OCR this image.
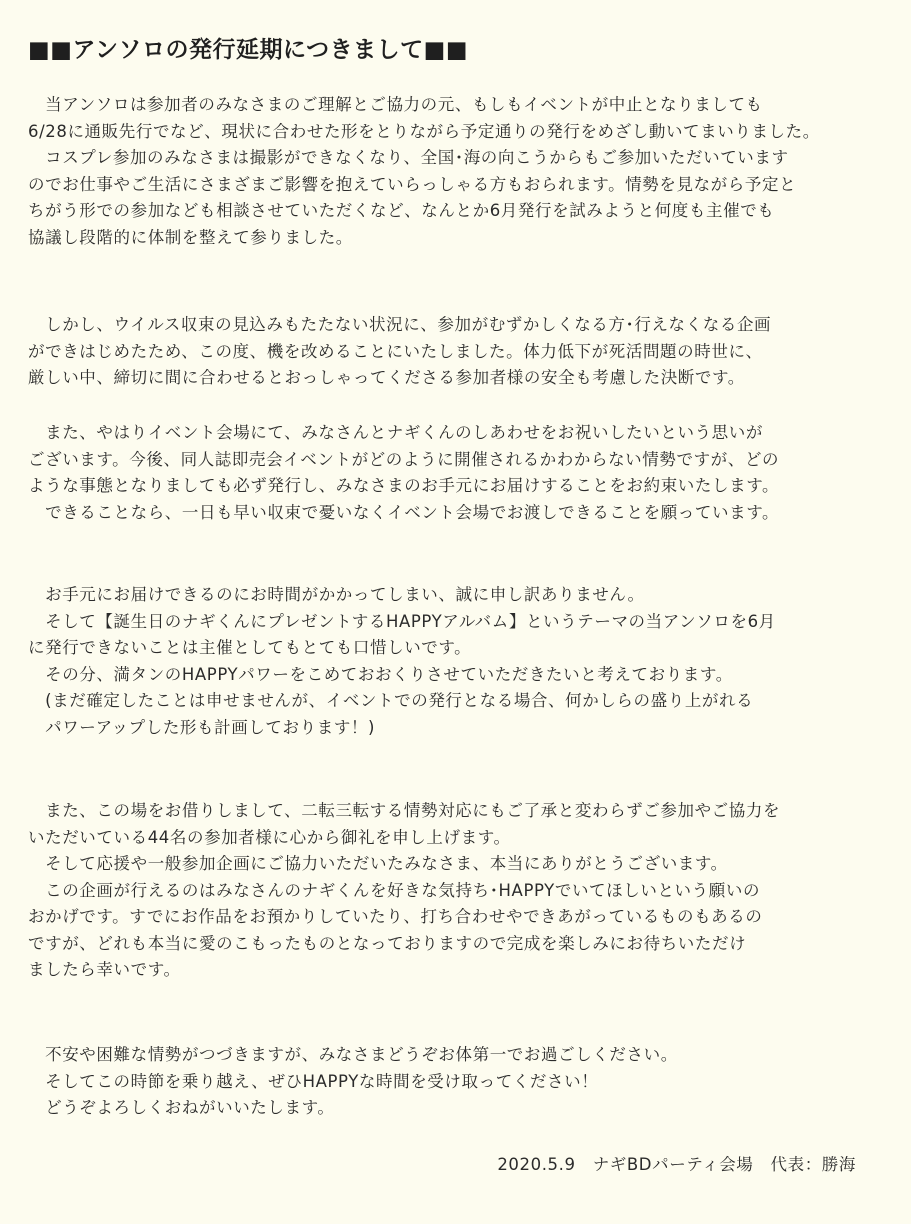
■■アンソロの発行延期につきまして■■
　当アンソロは参加者のみなさまのご理解とご協力の元、もしもイベントが中止となりましても
6/28に通販先行でなど、現状に合わせた形をとりながら予定通りの発行をめざし動いてまいりました。
　コスプレ参加のみなさまは撮影ができなくなり、全国･海の向こうからもご参加いただいています
のでお仕事やご生活にさまざまご影響を抱えていらっしゃる方もおられます。情勢を見ながら予定と
ちがう形での参加なども相談させていただくなど、なんとか6月発行を試みようと何度も主催でも
協議し段階的に体制を整えて参りました。
　しかし、ウイルス収束の見込みもたたない状況に、参加がむずかしくなる方･行えなくなる企画
ができはじめたため、この度、機を改めることにいたしました。体力低下が死活問題の時世に、
厳しい中、締切に間に合わせるとおっしゃってくださる参加者様の安全も考慮した決断です。
　また、やはりイベント会場にて、みなさんとナギくんのしあわせをお祝いしたいという思いが
ございます。今後、同人誌即売会イベントがどのように開催されるかわからない情勢ですが、どの
ような事態となりましても必ず発行し、みなさまのお手元にお届けすることをお約束いたします。
　できることなら、一日も早い収束で憂いなくイベント会場でお渡しできることを願っています。
　お手元にお届けできるのにお時間がかかってしまい、誠に申し訳ありません。
　そして【誕生日のナギくんにプレゼントするHAPPYアルバム】というテーマの当アンソロを6月
に発行できないことは主催としてもとても口惜しいです。
　その分、満タンのHAPPYパワーをこめておおくりさせていただきたいと考えております。
　(まだ確定したことは申せませんが、イベントでの発行となる場合、何かしらの盛り上がれる
　パワーアップした形も計画しております！)
　また、この場をお借りしまして、二転三転する情勢対応にもご了承と変わらずご参加やご協力を
いただいている44名の参加者様に心から御礼を申し上げます。
　そして応援や一般参加企画にご協力いただいたみなさま、本当にありがとうございます。
　この企画が行えるのはみなさんのナギくんを好きな気持ち･HAPPYでいてほしいという願いの
おかげです。すでにお作品をお預かりしていたり、打ち合わせやできあがっているものもあるの
ですが、どれも本当に愛のこもったものとなっておりますので完成を楽しみにお待ちいただけ
ましたら幸いです。
　不安や困難な情勢がつづきますが、みなさまどうぞお体第一でお過ごしください。
　そしてこの時節を乗り越え、ぜひHAPPYな時間を受け取ってください！
　どうぞよろしくおねがいいたします。
2020.5.9　ナギBDパーティ会場　代表：勝海
